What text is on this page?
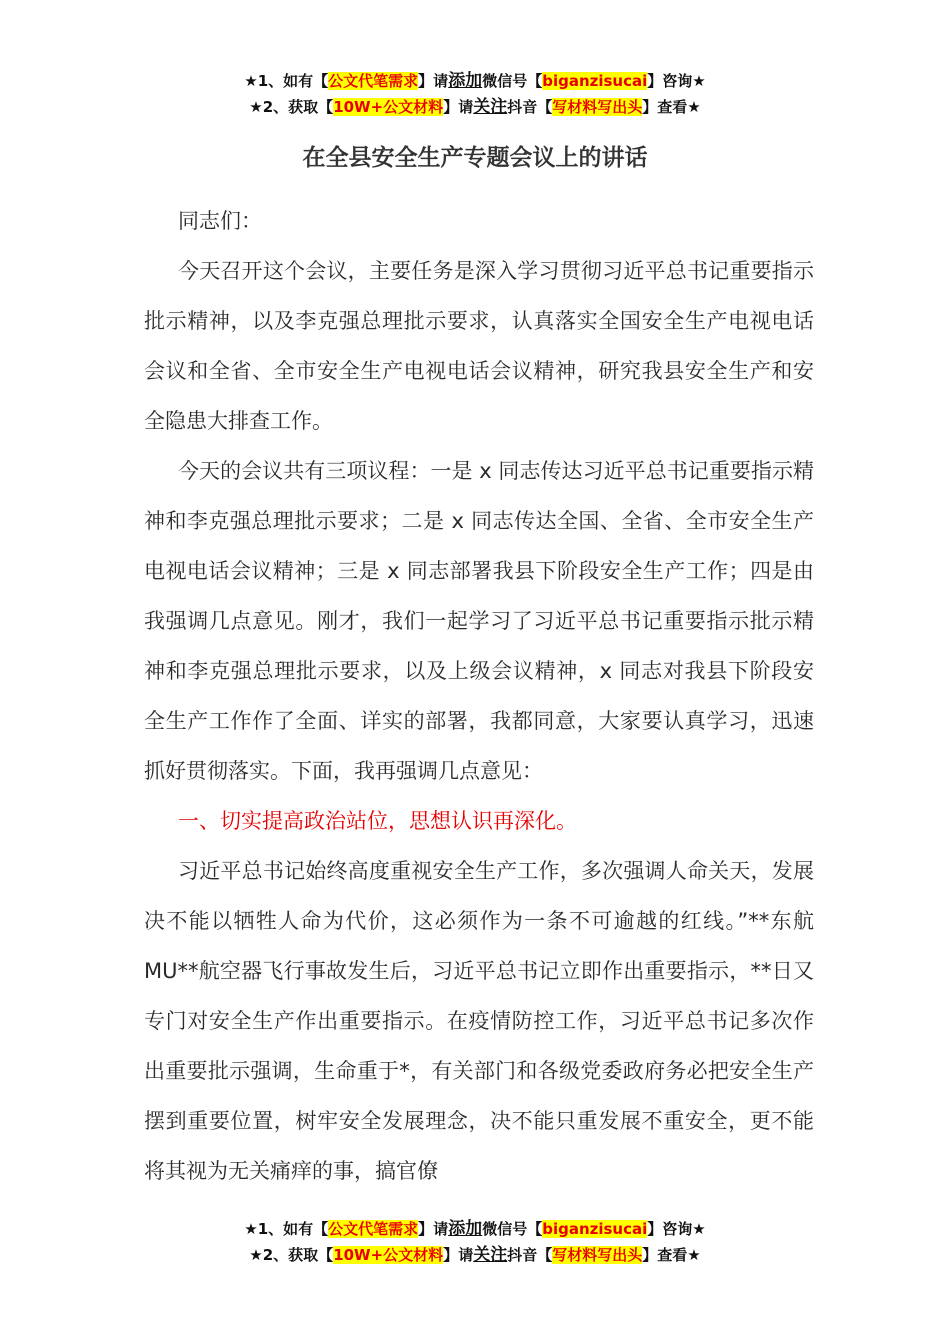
★1、如有【公文代笔需求】请添加微信号【biganzisucai】咨询★
★2、获取【10W+公文材料】请关注抖音【写材料写出头】查看★
在全县安全生产专题会议上的讲话

同志们：

今天召开这个会议，主要任务是深入学习贯彻习近平总书记重要指示批示精神，以及李克强总理批示要求，认真落实全国安全生产电视电话会议和全省、全市安全生产电视电话会议精神，研究我县安全生产和安全隐患大排查工作。

今天的会议共有三项议程：一是 x 同志传达习近平总书记重要指示精神和李克强总理批示要求；二是 x 同志传达全国、全省、全市安全生产电视电话会议精神；三是 x 同志部署我县下阶段安全生产工作；四是由我强调几点意见。刚才，我们一起学习了习近平总书记重要指示批示精神和李克强总理批示要求，以及上级会议精神，x 同志对我县下阶段安全生产工作作了全面、详实的部署，我都同意，大家要认真学习，迅速抓好贯彻落实。下面，我再强调几点意见：

一、切实提高政治站位，思想认识再深化。

习近平总书记始终高度重视安全生产工作，多次强调人命关天，发展决不能以牺牲人命为代价，这必须作为一条不可逾越的红线。”**东航 MU**航空器飞行事故发生后，习近平总书记立即作出重要指示，**日又专门对安全生产作出重要指示。在疫情防控工作，习近平总书记多次作出重要批示强调，生命重于*，有关部门和各级党委政府务必把安全生产摆到重要位置，树牢安全发展理念，决不能只重发展不重安全，更不能将其视为无关痛痒的事，搞官僚

★1、如有【公文代笔需求】请添加微信号【biganzisucai】咨询★
★2、获取【10W+公文材料】请关注抖音【写材料写出头】查看★
